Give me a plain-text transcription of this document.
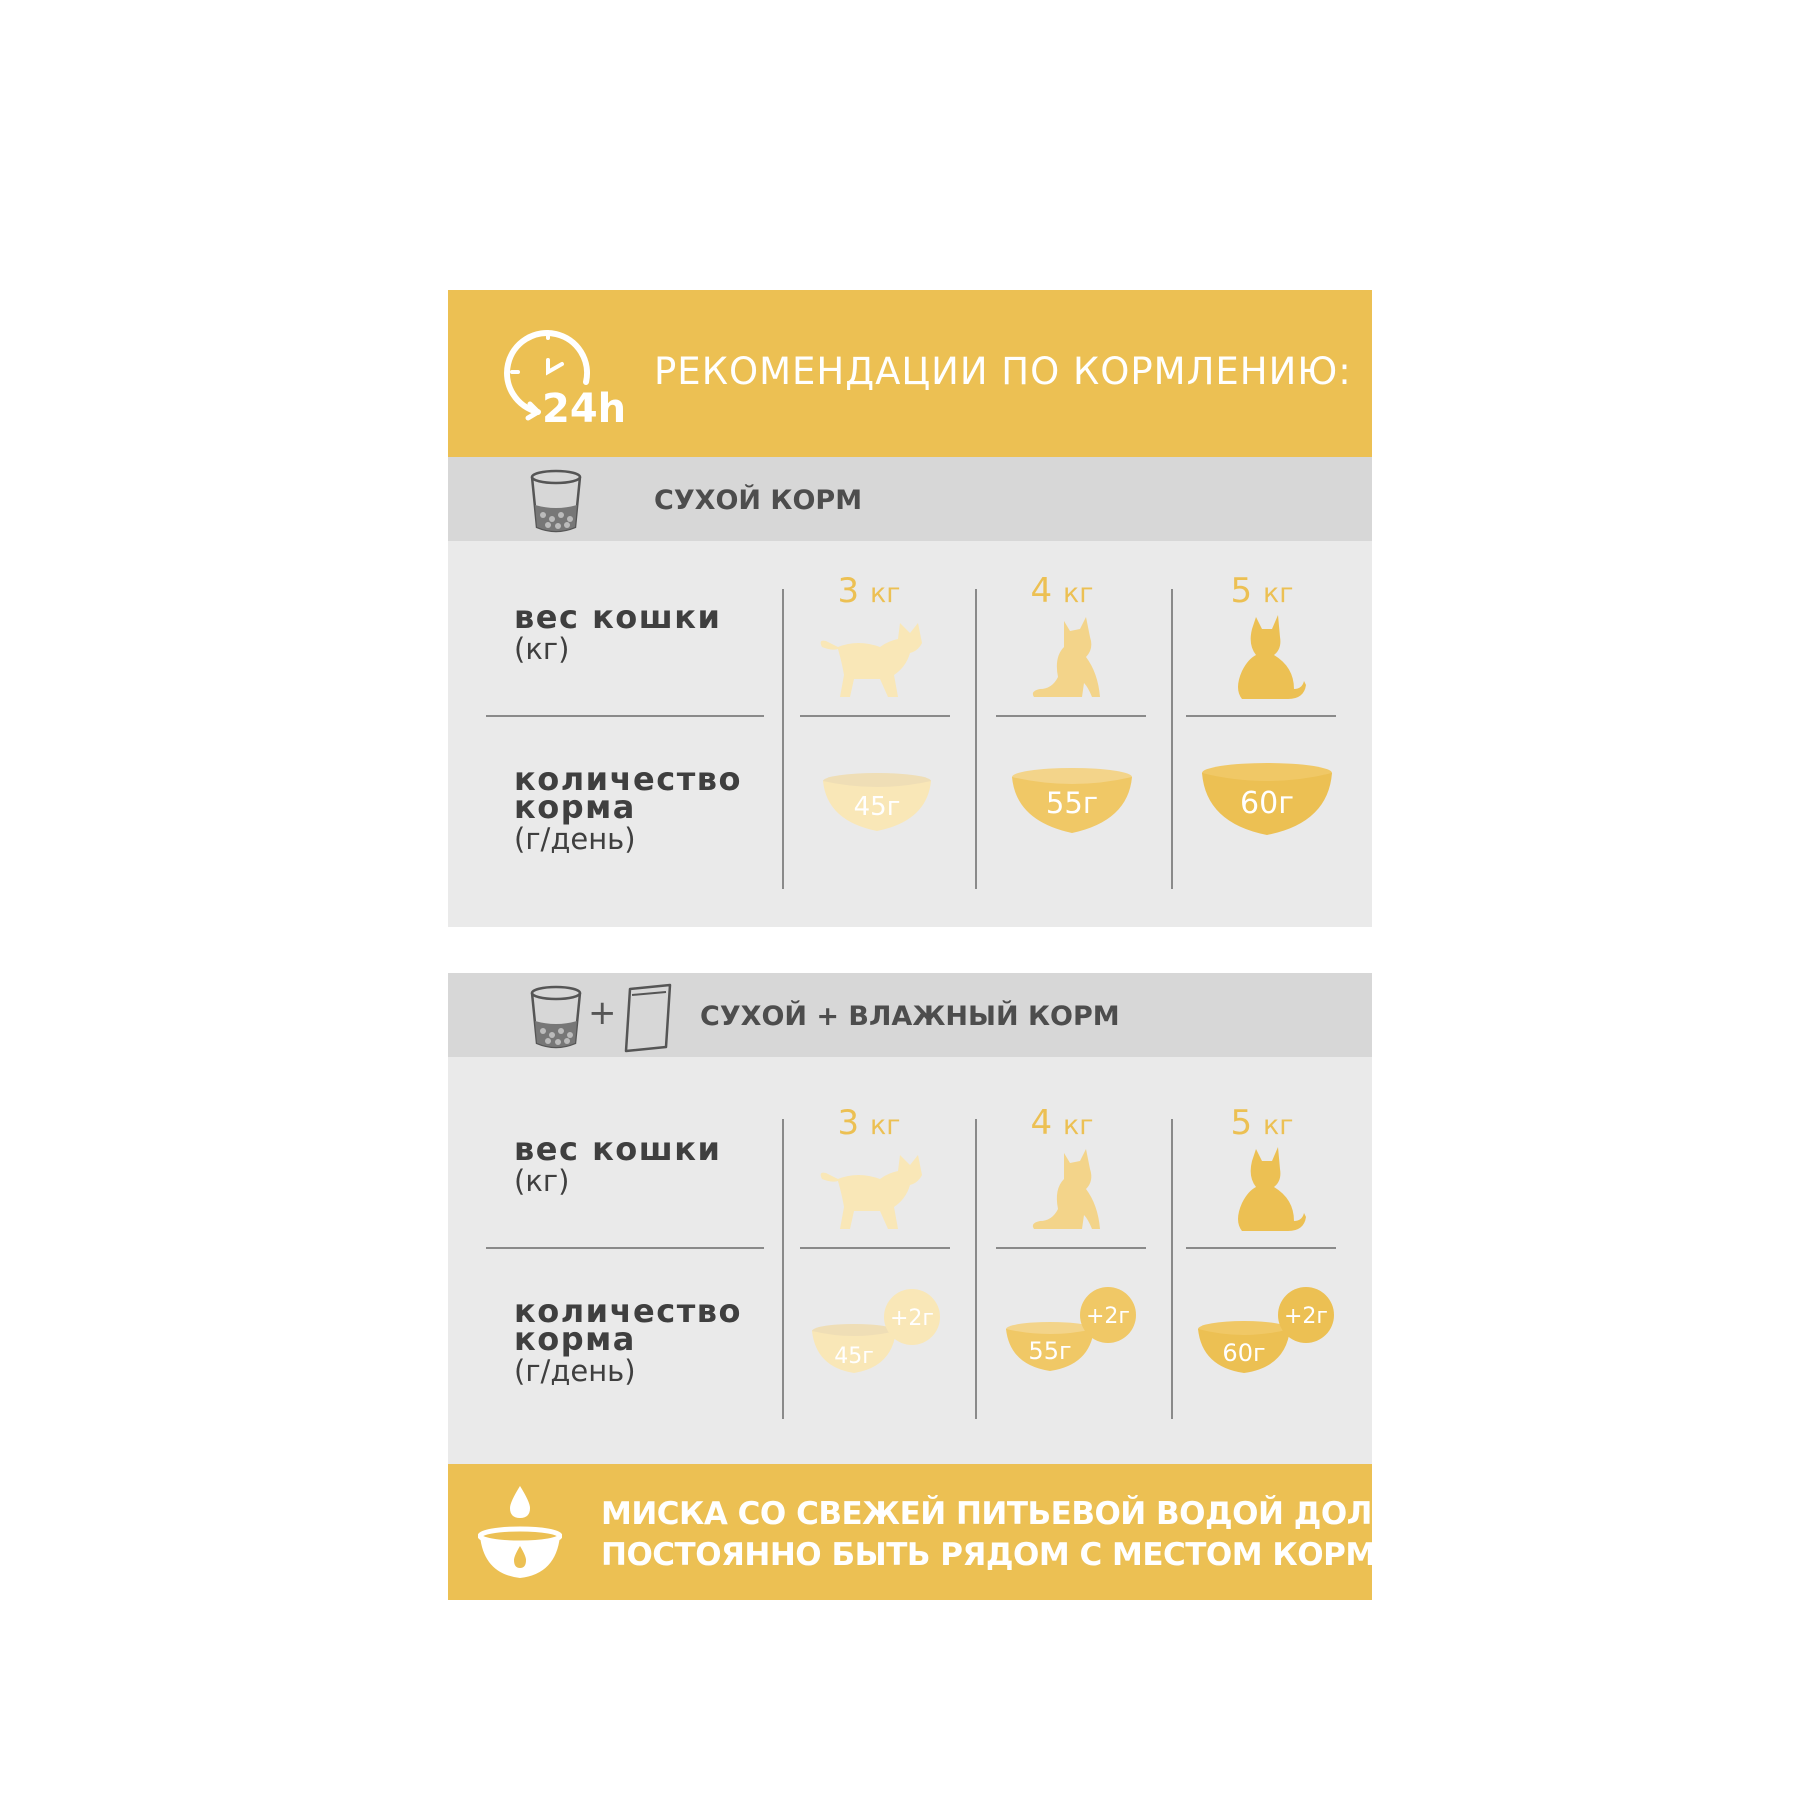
24h
РЕКОМЕНДАЦИИ ПО КОРМЛЕНИЮ:
СУХОЙ КОРМ
вес кошки
(кг)
количество
корма
(г/день)
3 кг
45г
4 кг
55г
5 кг
60г
+	СУХОЙ + ВЛАЖНЫЙ КОРМ
вес кошки
(кг)
количество
корма
(г/день)
3 кг
45г
+2г
4 кг
55г
+2г
5 кг
60г
+2г
МИСКА СО СВЕЖЕЙ ПИТЬЕВОЙ ВОДОЙ ДОЛЖНА
ПОСТОЯННО БЫТЬ РЯДОМ С МЕСТОМ КОРМЛЕНИЯ
